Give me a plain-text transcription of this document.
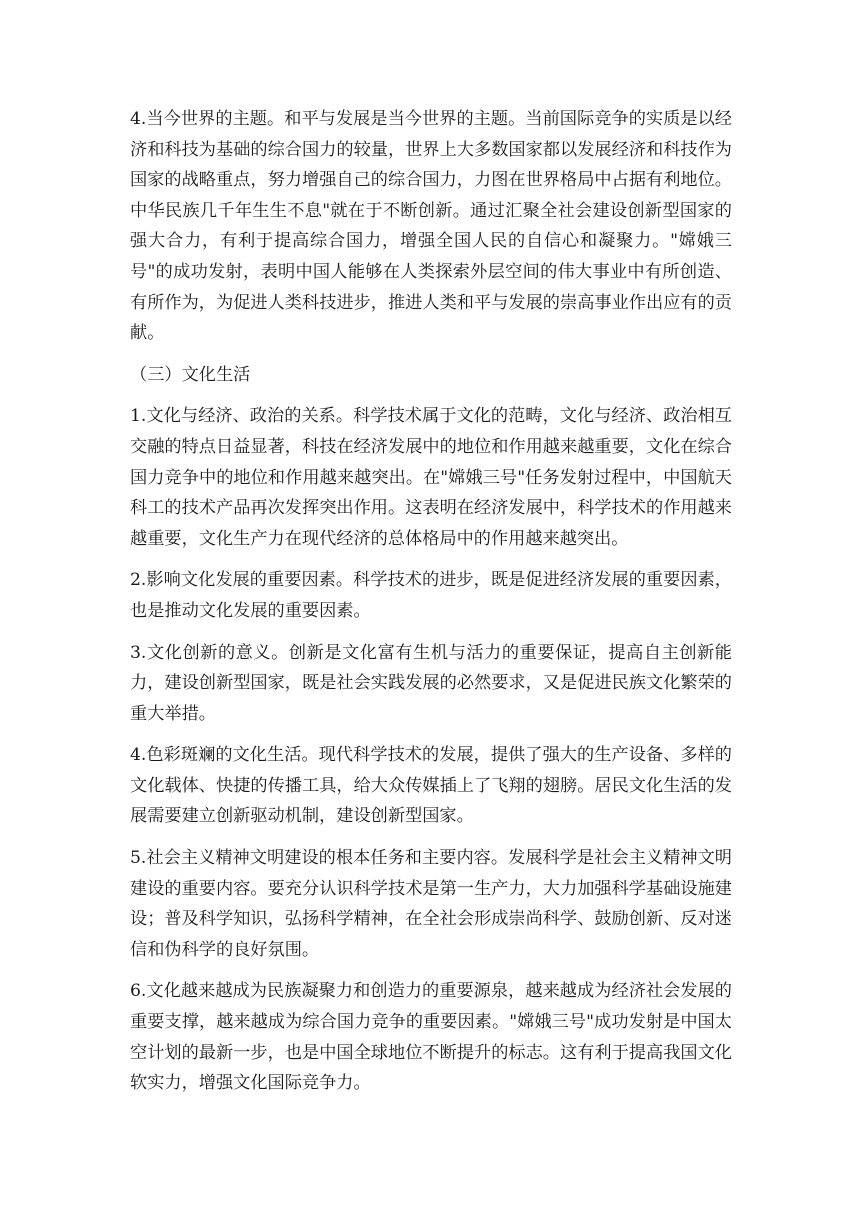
4.当今世界的主题。和平与发展是当今世界的主题。当前国际竞争的实质是以经济和科技为基础的综合国力的较量，世界上大多数国家都以发展经济和科技作为国家的战略重点，努力增强自己的综合国力，力图在世界格局中占据有利地位。中华民族几千年生生不息"就在于不断创新。通过汇聚全社会建设创新型国家的强大合力，有利于提高综合国力，增强全国人民的自信心和凝聚力。"嫦娥三号"的成功发射，表明中国人能够在人类探索外层空间的伟大事业中有所创造、有所作为，为促进人类科技进步，推进人类和平与发展的崇高事业作出应有的贡献。

（三）文化生活

1.文化与经济、政治的关系。科学技术属于文化的范畴，文化与经济、政治相互交融的特点日益显著，科技在经济发展中的地位和作用越来越重要，文化在综合国力竞争中的地位和作用越来越突出。在"嫦娥三号"任务发射过程中，中国航天科工的技术产品再次发挥突出作用。这表明在经济发展中，科学技术的作用越来越重要，文化生产力在现代经济的总体格局中的作用越来越突出。

2.影响文化发展的重要因素。科学技术的进步，既是促进经济发展的重要因素，也是推动文化发展的重要因素。

3.文化创新的意义。创新是文化富有生机与活力的重要保证，提高自主创新能力，建设创新型国家，既是社会实践发展的必然要求，又是促进民族文化繁荣的重大举措。

4.色彩斑斓的文化生活。现代科学技术的发展，提供了强大的生产设备、多样的文化载体、快捷的传播工具，给大众传媒插上了飞翔的翅膀。居民文化生活的发展需要建立创新驱动机制，建设创新型国家。

5.社会主义精神文明建设的根本任务和主要内容。发展科学是社会主义精神文明建设的重要内容。要充分认识科学技术是第一生产力，大力加强科学基础设施建设；普及科学知识，弘扬科学精神，在全社会形成崇尚科学、鼓励创新、反对迷信和伪科学的良好氛围。

6.文化越来越成为民族凝聚力和创造力的重要源泉，越来越成为经济社会发展的重要支撑，越来越成为综合国力竞争的重要因素。"嫦娥三号"成功发射是中国太空计划的最新一步，也是中国全球地位不断提升的标志。这有利于提高我国文化软实力，增强文化国际竞争力。
